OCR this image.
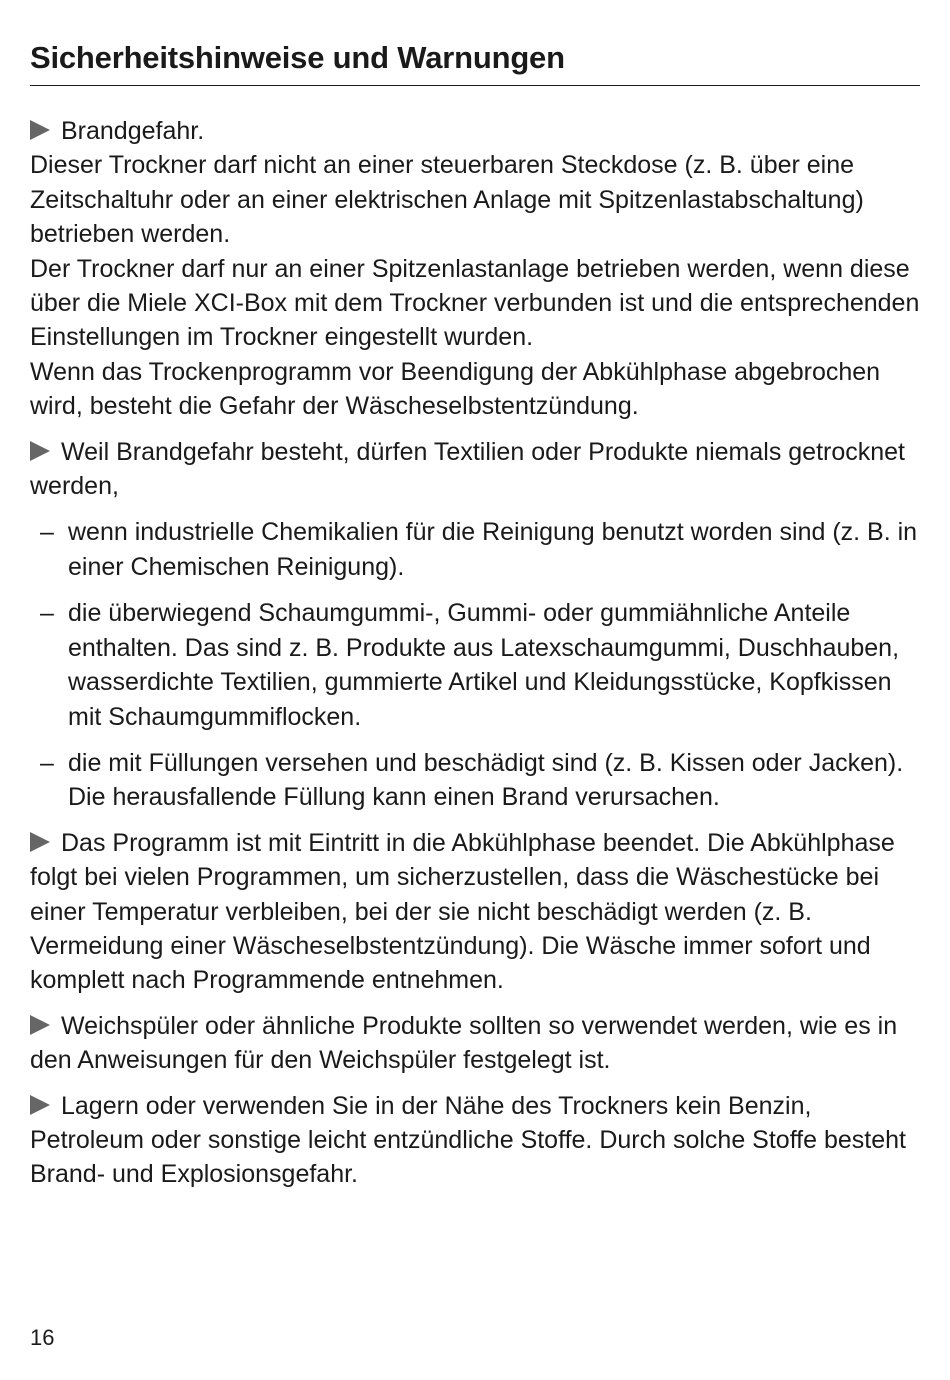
Sicherheitshinweise und Warnungen

Brandgefahr.

Dieser Trockner darf nicht an einer steuerbaren Steckdose (z. B. über eine Zeitschaltuhr oder an einer elektrischen Anlage mit Spitzenlastabschaltung) betrieben werden.

Der Trockner darf nur an einer Spitzenlastanlage betrieben werden, wenn diese über die Miele XCI-Box mit dem Trockner verbunden ist und die entsprechenden Einstellungen im Trockner eingestellt wurden.

Wenn das Trockenprogramm vor Beendigung der Abkühlphase abgebrochen wird, besteht die Gefahr der Wäscheselbstentzündung.

Weil Brandgefahr besteht, dürfen Textilien oder Produkte niemals getrocknet werden,

– wenn industrielle Chemikalien für die Reinigung benutzt worden sind (z. B. in einer Chemischen Reinigung).
– die überwiegend Schaumgummi-, Gummi- oder gummiähnliche Anteile enthalten. Das sind z. B. Produkte aus Latexschaumgummi, Duschhauben, wasserdichte Textilien, gummierte Artikel und Kleidungsstücke, Kopfkissen mit Schaumgummiflocken.
– die mit Füllungen versehen und beschädigt sind (z. B. Kissen oder Jacken). Die herausfallende Füllung kann einen Brand verursachen.

Das Programm ist mit Eintritt in die Abkühlphase beendet. Die Abkühlphase folgt bei vielen Programmen, um sicherzustellen, dass die Wäschestücke bei einer Temperatur verbleiben, bei der sie nicht beschädigt werden (z. B. Vermeidung einer Wäscheselbstentzündung). Die Wäsche immer sofort und komplett nach Programmende entnehmen.

Weichspüler oder ähnliche Produkte sollten so verwendet werden, wie es in den Anweisungen für den Weichspüler festgelegt ist.

Lagern oder verwenden Sie in der Nähe des Trockners kein Benzin, Petroleum oder sonstige leicht entzündliche Stoffe. Durch solche Stoffe besteht Brand- und Explosionsgefahr.

16
